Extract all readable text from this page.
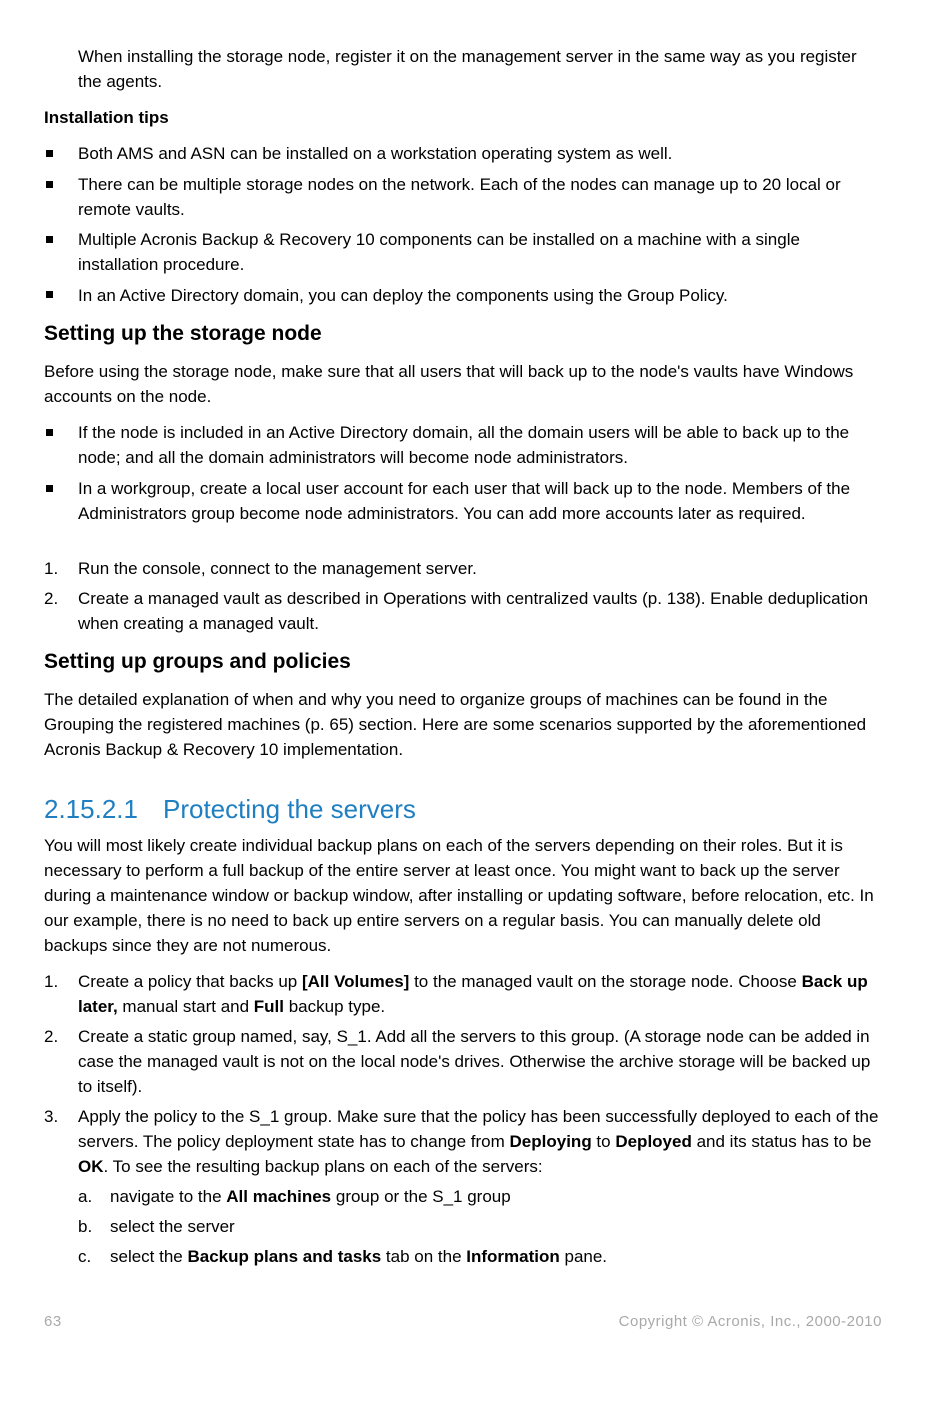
When installing the storage node, register it on the management server in the same way as you register the agents.

Installation tips

Both AMS and ASN can be installed on a workstation operating system as well.

There can be multiple storage nodes on the network. Each of the nodes can manage up to 20 local or remote vaults.

Multiple Acronis Backup & Recovery 10 components can be installed on a machine with a single installation procedure.

In an Active Directory domain, you can deploy the components using the Group Policy.

Setting up the storage node

Before using the storage node, make sure that all users that will back up to the node's vaults have Windows accounts on the node.

If the node is included in an Active Directory domain, all the domain users will be able to back up to the node; and all the domain administrators will become node administrators.

In a workgroup, create a local user account for each user that will back up to the node. Members of the Administrators group become node administrators. You can add more accounts later as required.

1. Run the console, connect to the management server.

2. Create a managed vault as described in Operations with centralized vaults (p. 138). Enable deduplication when creating a managed vault.

Setting up groups and policies

The detailed explanation of when and why you need to organize groups of machines can be found in the Grouping the registered machines (p. 65) section. Here are some scenarios supported by the aforementioned Acronis Backup & Recovery 10 implementation.

2.15.2.1 Protecting the servers

You will most likely create individual backup plans on each of the servers depending on their roles. But it is necessary to perform a full backup of the entire server at least once. You might want to back up the server during a maintenance window or backup window, after installing or updating software, before relocation, etc. In our example, there is no need to back up entire servers on a regular basis. You can manually delete old backups since they are not numerous.

1. Create a policy that backs up [All Volumes] to the managed vault on the storage node. Choose Back up later, manual start and Full backup type.

2. Create a static group named, say, S_1. Add all the servers to this group. (A storage node can be added in case the managed vault is not on the local node's drives. Otherwise the archive storage will be backed up to itself).

3. Apply the policy to the S_1 group. Make sure that the policy has been successfully deployed to each of the servers. The policy deployment state has to change from Deploying to Deployed and its status has to be OK. To see the resulting backup plans on each of the servers:

a. navigate to the All machines group or the S_1 group

b. select the server

c. select the Backup plans and tasks tab on the Information pane.

63	Copyright © Acronis, Inc., 2000-2010
